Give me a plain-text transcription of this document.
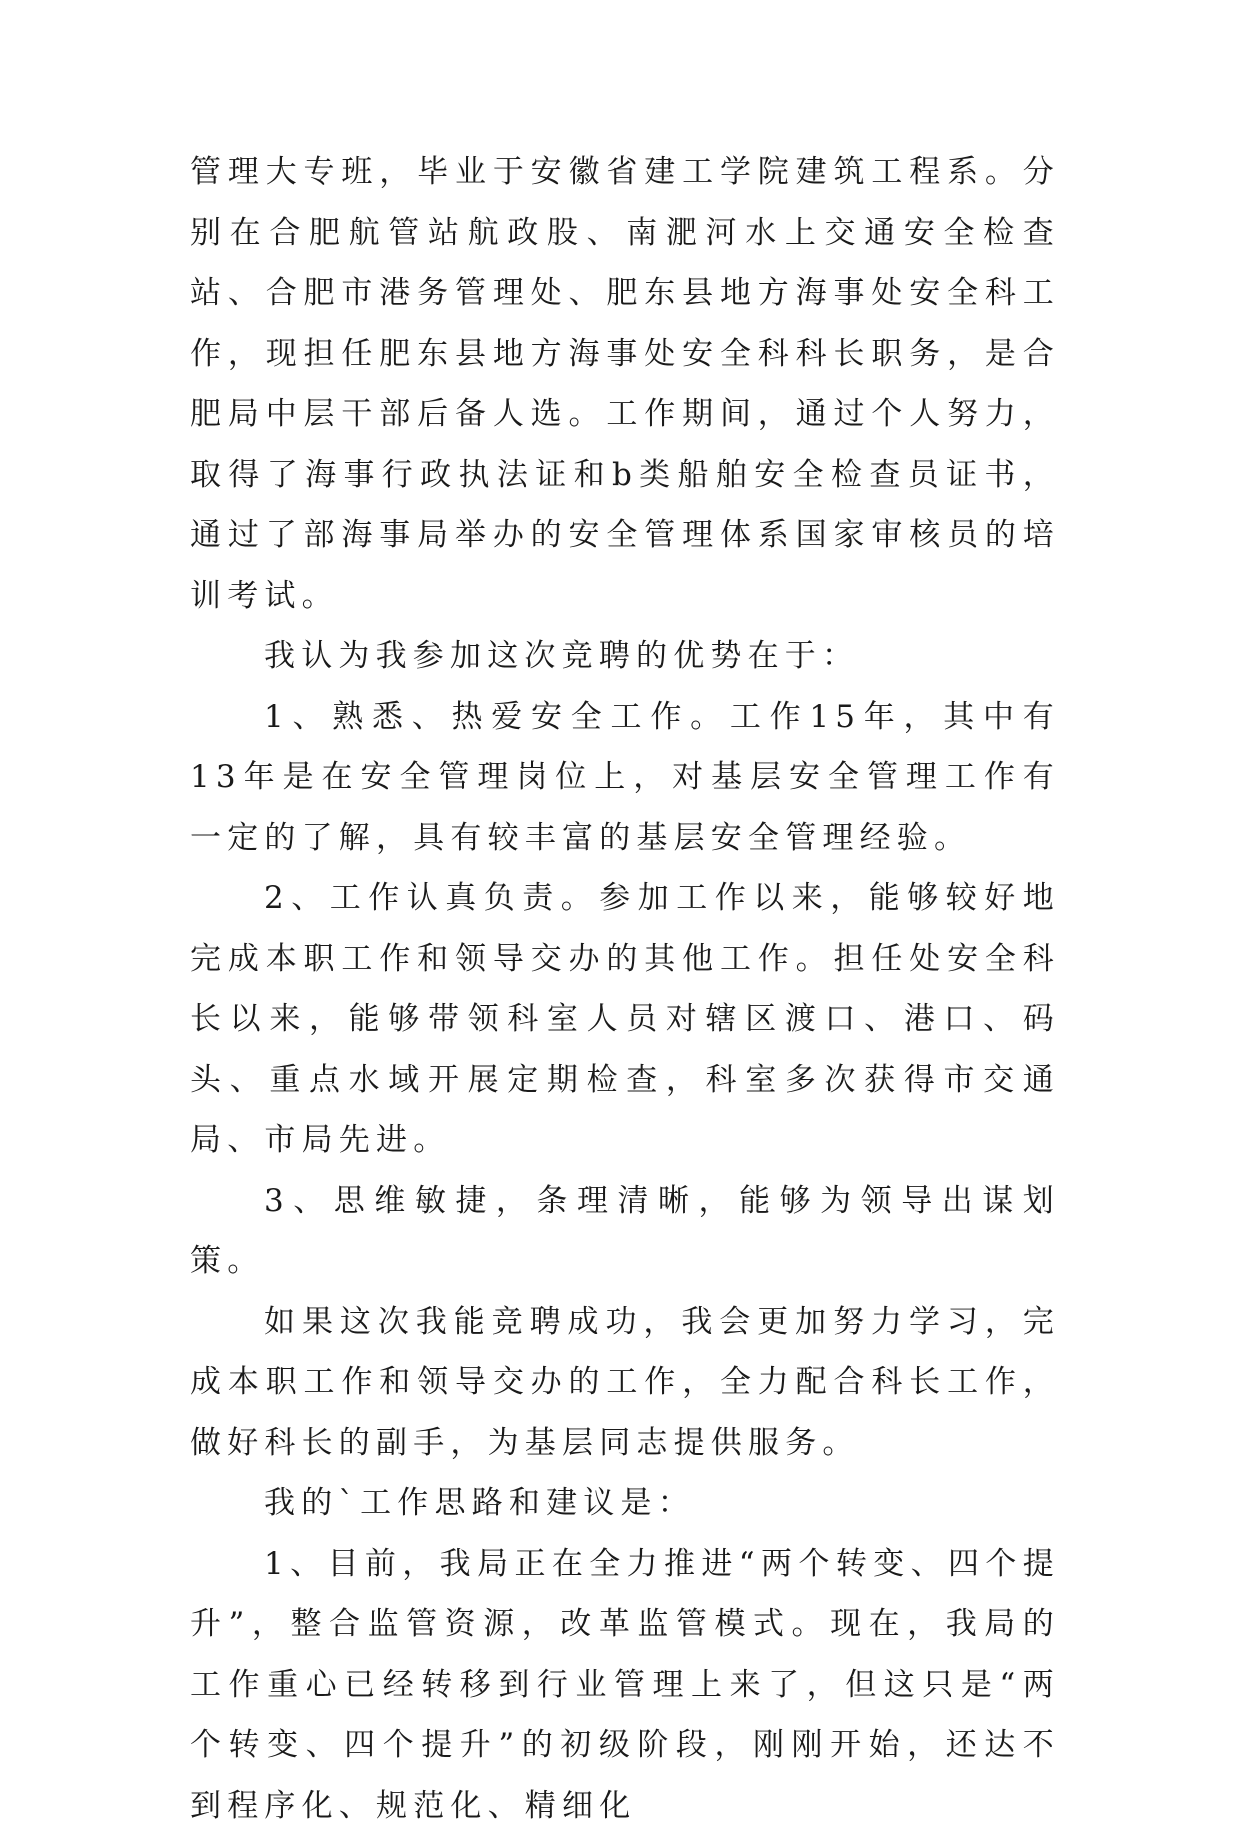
管理大专班，毕业于安徽省建工学院建筑工程系。分别在合肥航管站航政股、南淝河水上交通安全检查站、合肥市港务管理处、肥东县地方海事处安全科工作，现担任肥东县地方海事处安全科科长职务，是合肥局中层干部后备人选。工作期间，通过个人努力，取得了海事行政执法证和b类船舶安全检查员证书，通过了部海事局举办的安全管理体系国家审核员的培训考试。

我认为我参加这次竞聘的优势在于：

1、熟悉、热爱安全工作。工作15年，其中有13年是在安全管理岗位上，对基层安全管理工作有一定的了解，具有较丰富的基层安全管理经验。

2、工作认真负责。参加工作以来，能够较好地完成本职工作和领导交办的其他工作。担任处安全科长以来，能够带领科室人员对辖区渡口、港口、码头、重点水域开展定期检查，科室多次获得市交通局、市局先进。

3、思维敏捷，条理清晰，能够为领导出谋划策。

如果这次我能竞聘成功，我会更加努力学习，完成本职工作和领导交办的工作，全力配合科长工作，做好科长的副手，为基层同志提供服务。

我的`工作思路和建议是：

1、目前，我局正在全力推进“两个转变、四个提升”，整合监管资源，改革监管模式。现在，我局的工作重心已经转移到行业管理上来了，但这只是“两个转变、四个提升”的初级阶段，刚刚开始，还达不到程序化、规范化、精细化
